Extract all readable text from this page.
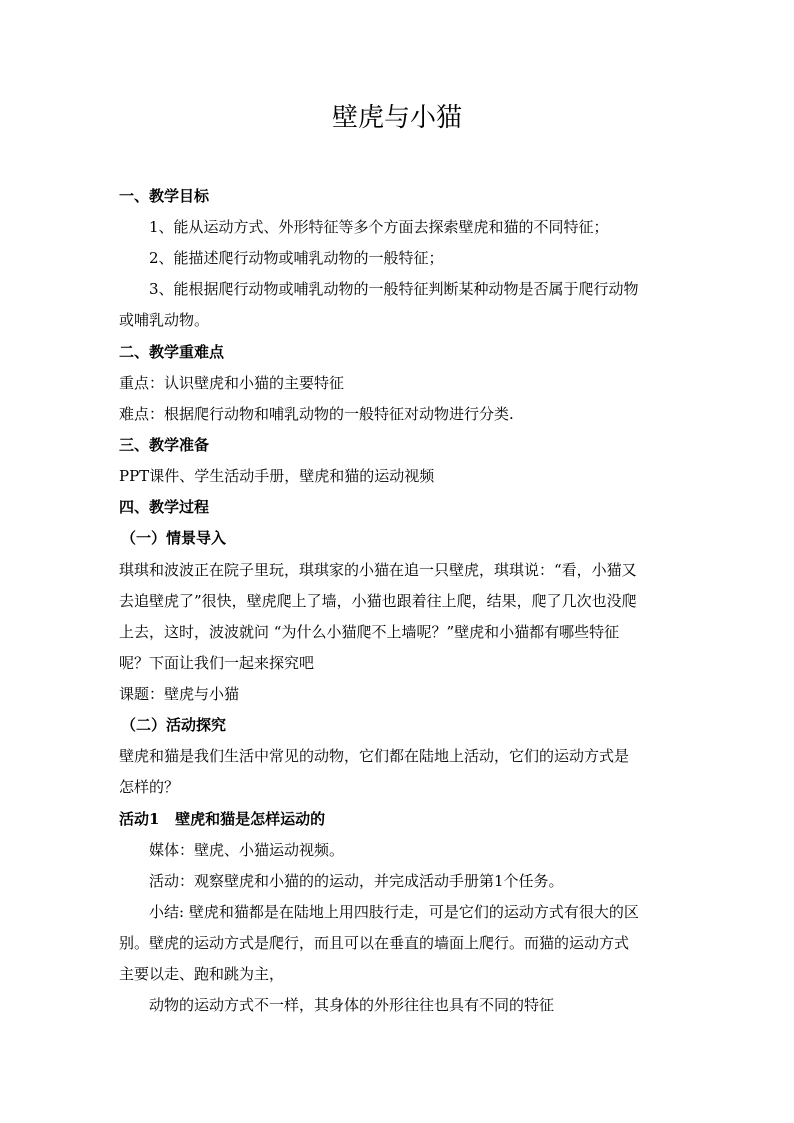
壁虎与小猫
一、教学目标
1、能从运动方式、外形特征等多个方面去探索壁虎和猫的不同特征；
2、能描述爬行动物或哺乳动物的一般特征；
3、能根据爬行动物或哺乳动物的一般特征判断某种动物是否属于爬行动物
或哺乳动物。
二、教学重难点
重点：认识壁虎和小猫的主要特征
难点：根据爬行动物和哺乳动物的一般特征对动物进行分类.
三、教学准备
PPT课件、学生活动手册，壁虎和猫的运动视频
四、教学过程
（一）情景导入
琪琪和波波正在院子里玩，琪琪家的小猫在追一只壁虎，琪琪说：“看，小猫又
去追壁虎了”很快，壁虎爬上了墙，小猫也跟着往上爬，结果，爬了几次也没爬
上去，这时，波波就问 “为什么小猫爬不上墙呢？”壁虎和小猫都有哪些特征
呢？下面让我们一起来探究吧
课题：壁虎与小猫
（二）活动探究
壁虎和猫是我们生活中常见的动物，它们都在陆地上活动，它们的运动方式是
怎样的？
活动1   壁虎和猫是怎样运动的
媒体：壁虎、小猫运动视频。
活动：观察壁虎和小猫的的运动，并完成活动手册第1个任务。
小结: 壁虎和猫都是在陆地上用四肢行走，可是它们的运动方式有很大的区
别。壁虎的运动方式是爬行，而且可以在垂直的墙面上爬行。而猫的运动方式
主要以走、跑和跳为主，
动物的运动方式不一样，其身体的外形往往也具有不同的特征
